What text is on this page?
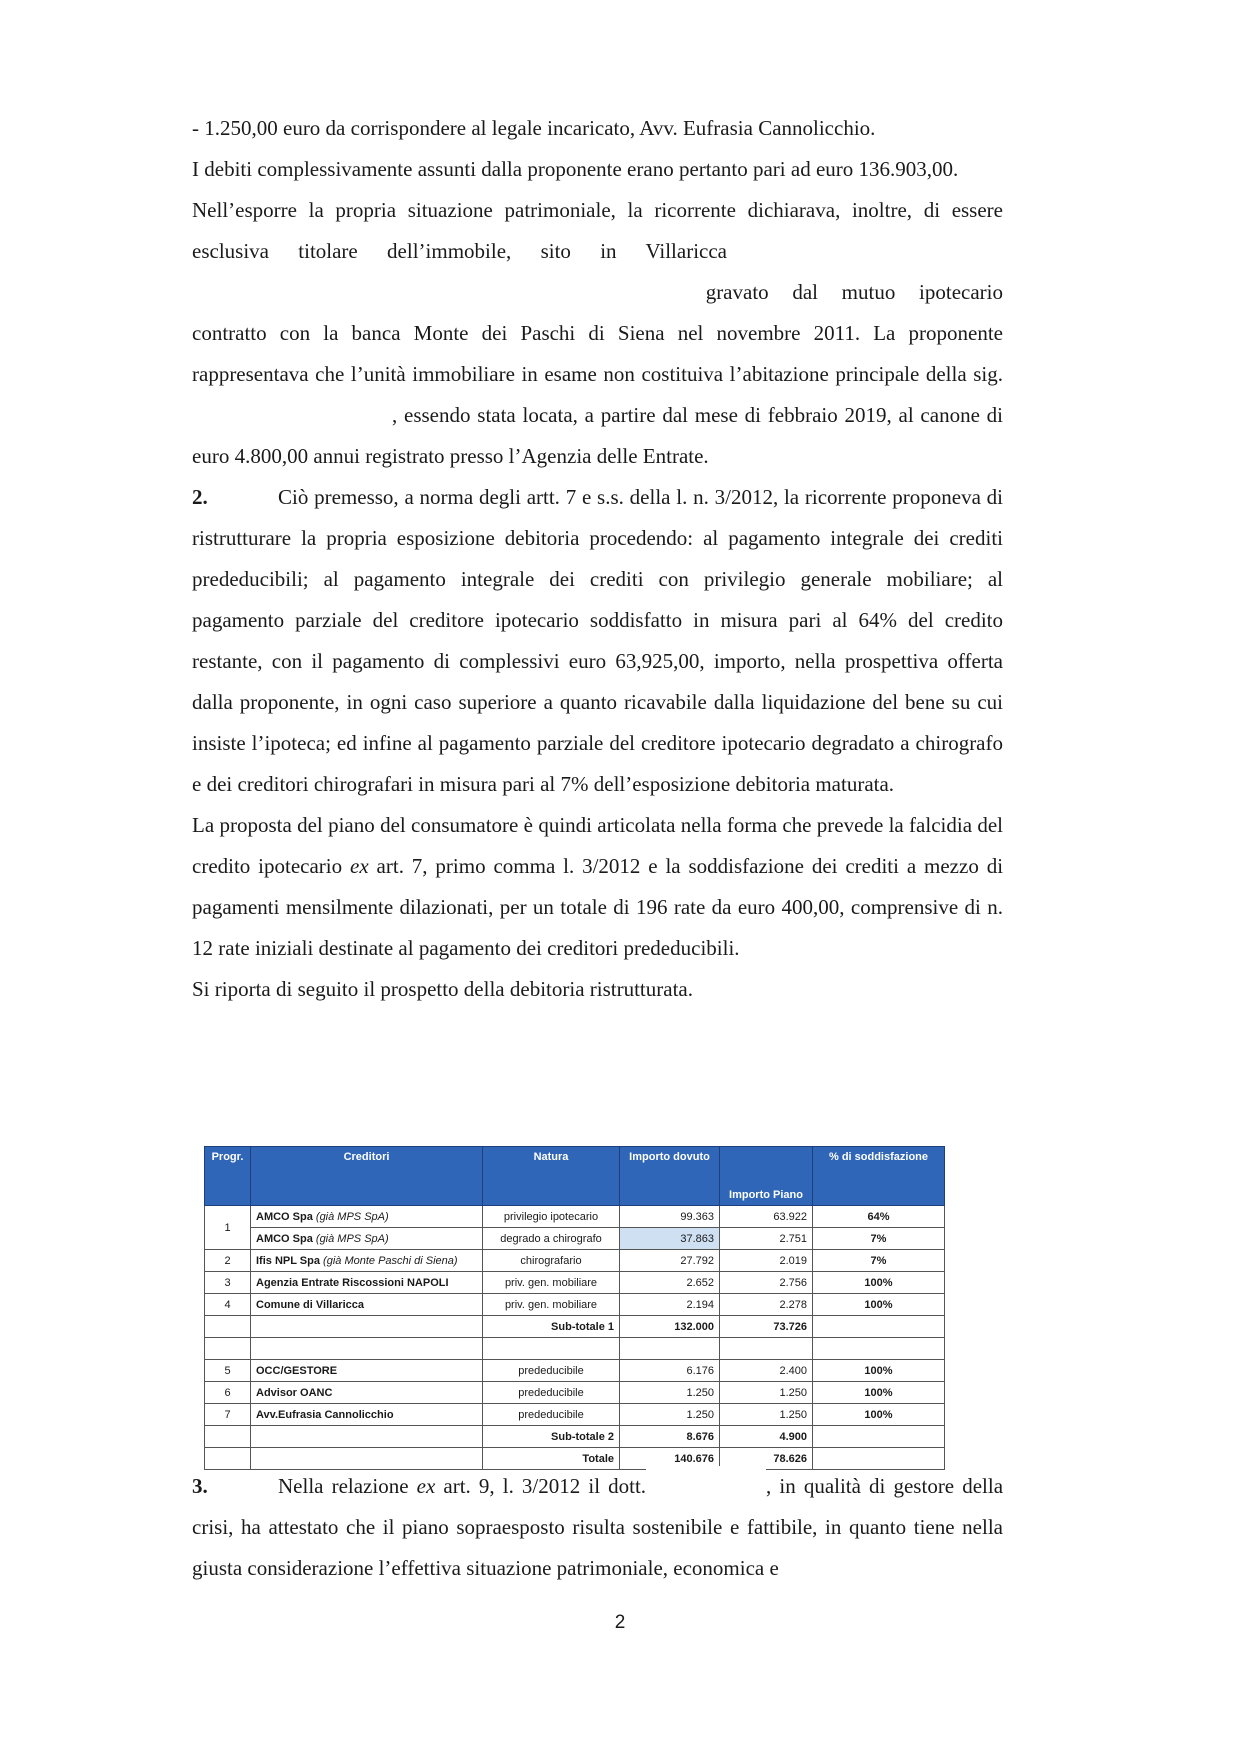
- 1.250,00 euro da corrispondere al legale incaricato, Avv. Eufrasia Cannolicchio.

I debiti complessivamente assunti dalla proponente erano pertanto pari ad euro 136.903,00.

Nell’esporre la propria situazione patrimoniale, la ricorrente dichiarava, inoltre, di essere esclusiva titolare dell’immobile, sito in Villaricca   gravato dal mutuo ipotecario contratto con la banca Monte dei Paschi di Siena nel novembre 2011. La proponente rappresentava che l’unità immobiliare in esame non costituiva l’abitazione principale della sig. , essendo stata locata, a partire dal mese di febbraio 2019, al canone di euro 4.800,00 annui registrato presso l’Agenzia delle Entrate.

2.	Ciò premesso, a norma degli artt. 7 e s.s. della l. n. 3/2012, la ricorrente proponeva di ristrutturare la propria esposizione debitoria procedendo: al pagamento integrale dei crediti prededucibili; al pagamento integrale dei crediti con privilegio generale mobiliare; al pagamento parziale del creditore ipotecario soddisfatto in misura pari al 64% del credito restante, con il pagamento di complessivi euro 63,925,00, importo, nella prospettiva offerta dalla proponente, in ogni caso superiore a quanto ricavabile dalla liquidazione del bene su cui insiste l’ipoteca; ed infine al pagamento parziale del creditore ipotecario degradato a chirografo e dei creditori chirografari in misura pari al 7% dell’esposizione debitoria maturata.

La proposta del piano del consumatore è quindi articolata nella forma che prevede la falcidia del credito ipotecario ex art. 7, primo comma l. 3/2012 e la soddisfazione dei crediti a mezzo di pagamenti mensilmente dilazionati, per un totale di 196 rate da euro 400,00, comprensive di n. 12 rate iniziali destinate al pagamento dei creditori prededucibili.

Si riporta di seguito il prospetto della debitoria ristrutturata.

Progr.	Creditori	Natura	Importo dovuto	Importo Piano	% di soddisfazione
1	AMCO Spa (già MPS SpA)	privilegio ipotecario	99.363	63.922	64%
	AMCO Spa (già MPS SpA)	degrado a chirografo	37.863	2.751	7%
2	Ifis NPL Spa (già Monte Paschi di Siena)	chirografario	27.792	2.019	7%
3	Agenzia Entrate Riscossioni NAPOLI	priv. gen. mobiliare	2.652	2.756	100%
4	Comune di Villaricca	priv. gen. mobiliare	2.194	2.278	100%
		Sub-totale 1	132.000	73.726	

5	OCC/GESTORE	prededucibile	6.176	2.400	100%
6	Advisor OANC	prededucibile	1.250	1.250	100%
7	Avv.Eufrasia Cannolicchio	prededucibile	1.250	1.250	100%
		Sub-totale 2	8.676	4.900	
		Totale	140.676	78.626	

3.	Nella relazione ex art. 9, l. 3/2012 il dott.	, in qualità di gestore della crisi, ha attestato che il piano sopraesposto risulta sostenibile e fattibile, in quanto tiene nella giusta considerazione l’effettiva situazione patrimoniale, economica e

2
